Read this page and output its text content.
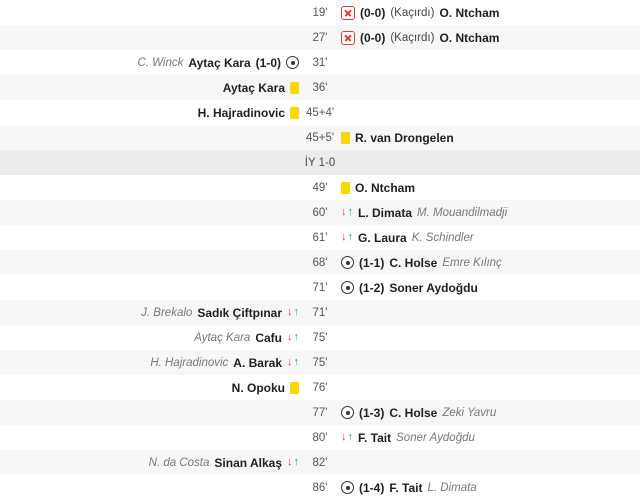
19'	(0-0) (Kaçırdı) O. Ntcham
27'	(0-0) (Kaçırdı) O. Ntcham
C. Winck Aytaç Kara (1-0)	31'
Aytaç Kara	36'
H. Hajradinovic 45+4'
45+5' R. van Drongelen
İY 1-0
49'	O. Ntcham
60'	↓ ↑ L. Dimata M. Mouandilmadji
61'	↓ ↑ G. Laura K. Schindler
68'	(1-1) C. Holse Emre Kılınç
71'	(1-2) Soner Aydoğdu
J. Brekalo Sadık Çiftpınar ↓ ↑	71'
Aytaç Kara Cafu ↓ ↑	75'
H. Hajradinovic A. Barak ↓ ↑	75'
N. Opoku	76'
77'	(1-3) C. Holse Zeki Yavru
80'	↓ ↑ F. Tait Soner Aydoğdu
N. da Costa Sinan Alkaş ↓ ↑	82'
86'	(1-4) F. Tait L. Dimata
